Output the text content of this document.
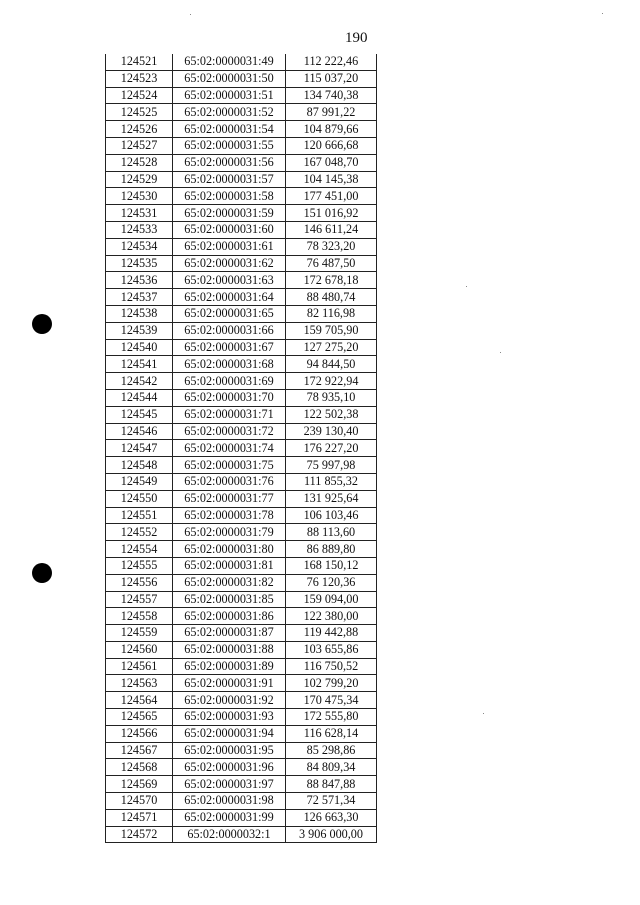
190
124521	65:02:0000031:49	112 222,46
124523	65:02:0000031:50	115 037,20
124524	65:02:0000031:51	134 740,38
124525	65:02:0000031:52	87 991,22
124526	65:02:0000031:54	104 879,66
124527	65:02:0000031:55	120 666,68
124528	65:02:0000031:56	167 048,70
124529	65:02:0000031:57	104 145,38
124530	65:02:0000031:58	177 451,00
124531	65:02:0000031:59	151 016,92
124533	65:02:0000031:60	146 611,24
124534	65:02:0000031:61	78 323,20
124535	65:02:0000031:62	76 487,50
124536	65:02:0000031:63	172 678,18
124537	65:02:0000031:64	88 480,74
124538	65:02:0000031:65	82 116,98
124539	65:02:0000031:66	159 705,90
124540	65:02:0000031:67	127 275,20
124541	65:02:0000031:68	94 844,50
124542	65:02:0000031:69	172 922,94
124544	65:02:0000031:70	78 935,10
124545	65:02:0000031:71	122 502,38
124546	65:02:0000031:72	239 130,40
124547	65:02:0000031:74	176 227,20
124548	65:02:0000031:75	75 997,98
124549	65:02:0000031:76	111 855,32
124550	65:02:0000031:77	131 925,64
124551	65:02:0000031:78	106 103,46
124552	65:02:0000031:79	88 113,60
124554	65:02:0000031:80	86 889,80
124555	65:02:0000031:81	168 150,12
124556	65:02:0000031:82	76 120,36
124557	65:02:0000031:85	159 094,00
124558	65:02:0000031:86	122 380,00
124559	65:02:0000031:87	119 442,88
124560	65:02:0000031:88	103 655,86
124561	65:02:0000031:89	116 750,52
124563	65:02:0000031:91	102 799,20
124564	65:02:0000031:92	170 475,34
124565	65:02:0000031:93	172 555,80
124566	65:02:0000031:94	116 628,14
124567	65:02:0000031:95	85 298,86
124568	65:02:0000031:96	84 809,34
124569	65:02:0000031:97	88 847,88
124570	65:02:0000031:98	72 571,34
124571	65:02:0000031:99	126 663,30
124572	65:02:0000032:1	3 906 000,00
